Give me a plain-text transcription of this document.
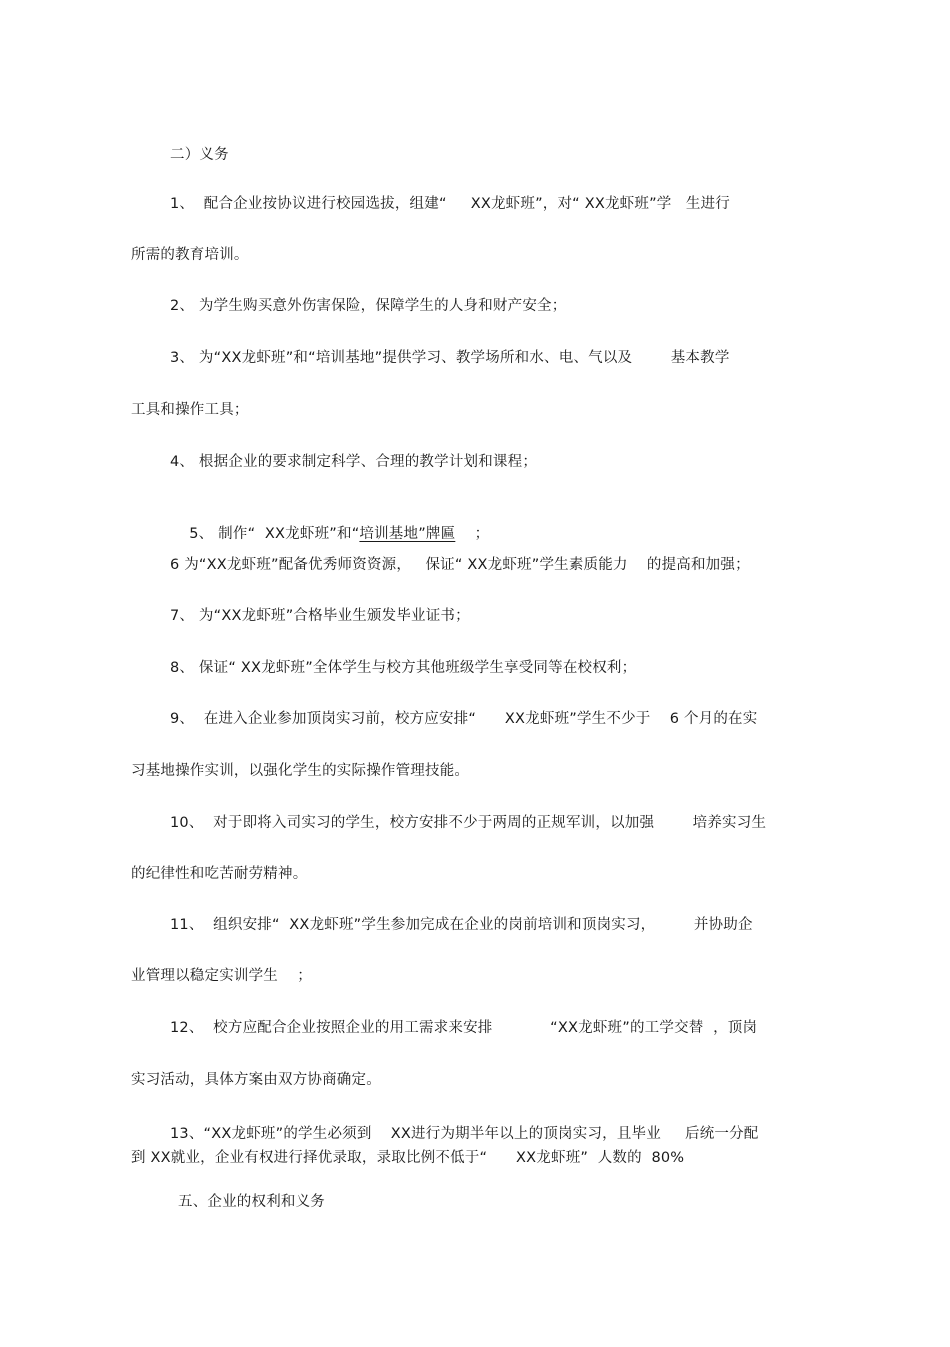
二）义务
1、  配合企业按协议进行校园选拔，组建“     XX龙虾班”，对“ XX龙虾班”学   生进行
所需的教育培训。
2、 为学生购买意外伤害保险，保障学生的人身和财产安全；
3、 为“XX龙虾班”和“培训基地”提供学习、教学场所和水、电、气以及        基本教学
工具和操作工具；
4、 根据企业的要求制定科学、合理的教学计划和课程；

5、 制作“  XX龙虾班”和“培训基地”牌匾    ；

6 为“XX龙虾班”配备优秀师资资源，   保证“ XX龙虾班”学生素质能力    的提高和加强；
7、 为“XX龙虾班”合格毕业生颁发毕业证书；
8、 保证“ XX龙虾班”全体学生与校方其他班级学生享受同等在校权利；
9、  在进入企业参加顶岗实习前，校方应安排“      XX龙虾班”学生不少于    6 个月的在实
习基地操作实训，以强化学生的实际操作管理技能。
10、  对于即将入司实习的学生，校方安排不少于两周的正规军训，以加强        培养实习生
的纪律性和吃苦耐劳精神。
11、  组织安排“  XX龙虾班”学生参加完成在企业的岗前培训和顶岗实习，        并协助企
业管理以稳定实训学生    ；
12、  校方应配合企业按照企业的用工需求来安排            “XX龙虾班”的工学交替  ，顶岗
实习活动，具体方案由双方协商确定。
13、“XX龙虾班”的学生必须到    XX进行为期半年以上的顶岗实习，且毕业     后统一分配
到 XX就业，企业有权进行择优录取，录取比例不低于“      XX龙虾班”  人数的  80%
五、企业的权利和义务
